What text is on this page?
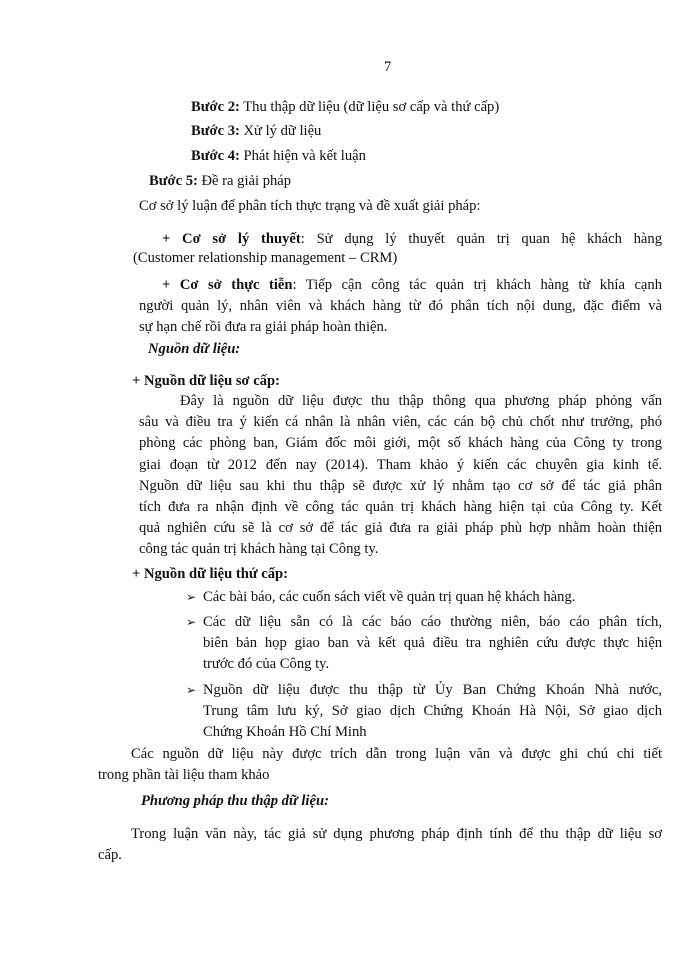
7
Bước 2: Thu thập dữ liệu (dữ liệu sơ cấp và thứ cấp)
Bước 3: Xử lý dữ liệu
Bước 4: Phát hiện và kết luận
Bước 5: Đề ra giải pháp
Cơ sở lý luận để phân tích thực trạng và đề xuất giải pháp:
+ Cơ sở lý thuyết: Sử dụng lý thuyết quản trị quan hệ khách hàng
(Customer relationship management – CRM)
+ Cơ sở thực tiễn: Tiếp cận công tác quản trị khách hàng từ khía cạnh
người quản lý, nhân viên và khách hàng từ đó phân tích nội dung, đặc điểm và
sự hạn chế rồi đưa ra giải pháp hoàn thiện.
Nguồn dữ liệu:
+ Nguồn dữ liệu sơ cấp:
Đây là nguồn dữ liệu được thu thập thông qua phương pháp phỏng vấn
sâu và điều tra ý kiến cá nhân là nhân viên, các cán bộ chủ chốt như trưởng, phó
phòng các phòng ban, Giám đốc môi giới, một số khách hàng của Công ty trong
giai đoạn từ 2012 đến nay (2014). Tham khảo ý kiến các chuyên gia kinh tế.
Nguồn dữ liệu sau khi thu thập sẽ được xử lý nhằm tạo cơ sở để tác giả phân
tích đưa ra nhận định về công tác quản trị khách hàng hiện tại của Công ty. Kết
quả nghiên cứu sẽ là cơ sở để tác giả đưa ra giải pháp phù hợp nhằm hoàn thiện
công tác quản trị khách hàng tại Công ty.
+ Nguồn dữ liệu thứ cấp:
➢ Các bài báo, các cuốn sách viết về quản trị quan hệ khách hàng.
➢ Các dữ liệu sẵn có là các báo cáo thường niên, báo cáo phân tích,
biên bản họp giao ban và kết quả điều tra nghiên cứu được thực hiện
trước đó của Công ty.
➢ Nguồn dữ liệu được thu thập từ Ủy Ban Chứng Khoán Nhà nước,
Trung tâm lưu ký, Sở giao dịch Chứng Khoán Hà Nội, Sở giao dịch
Chứng Khoán Hồ Chí Minh
Các nguồn dữ liệu này được trích dẫn trong luận văn và được ghi chú chi tiết
trong phần tài liệu tham khảo
Phương pháp thu thập dữ liệu:
Trong luận văn này, tác giả sử dụng phương pháp định tính để thu thập dữ liệu sơ
cấp.
